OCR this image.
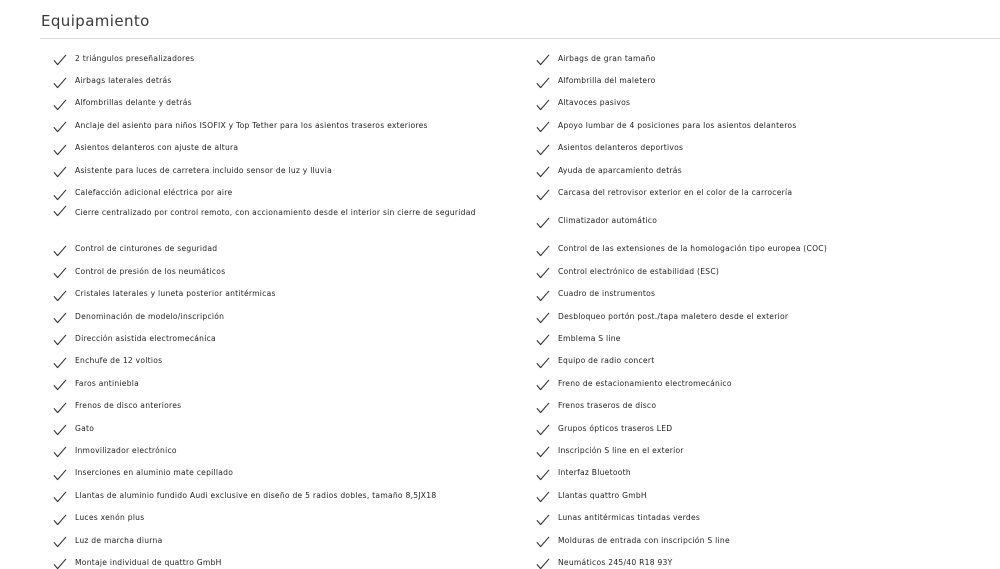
Equipamiento
2 triángulos preseñalizadores
Airbags laterales detrás
Alfombrillas delante y detrás
Anclaje del asiento para niños ISOFIX y Top Tether para los asientos traseros exteriores
Asientos delanteros con ajuste de altura
Asistente para luces de carretera incluido sensor de luz y lluvia
Calefacción adicional eléctrica por aire
Cierre centralizado por control remoto, con accionamiento desde el interior sin cierre de seguridad
Control de cinturones de seguridad
Control de presión de los neumáticos
Cristales laterales y luneta posterior antitérmicas
Denominación de modelo/inscripción
Dirección asistida electromecánica
Enchufe de 12 voltios
Faros antiniebla
Frenos de disco anteriores
Gato
Inmovilizador electrónico
Inserciones en aluminio mate cepillado
Llantas de aluminio fundido Audi exclusive en diseño de 5 radios dobles, tamaño 8,5JX18
Luces xenón plus
Luz de marcha diurna
Montaje individual de quattro GmbH
Airbags de gran tamaño
Alfombrilla del maletero
Altavoces pasivos
Apoyo lumbar de 4 posiciones para los asientos delanteros
Asientos delanteros deportivos
Ayuda de aparcamiento detrás
Carcasa del retrovisor exterior en el color de la carrocería
Climatizador automático
Control de las extensiones de la homologación tipo europea (COC)
Control electrónico de estabilidad (ESC)
Cuadro de instrumentos
Desbloqueo portón post./tapa maletero desde el exterior
Emblema S line
Equipo de radio concert
Freno de estacionamiento electromecánico
Frenos traseros de disco
Grupos ópticos traseros LED
Inscripción S line en el exterior
Interfaz Bluetooth
Llantas quattro GmbH
Lunas antitérmicas tintadas verdes
Molduras de entrada con inscripción S line
Neumáticos 245/40 R18 93Y
